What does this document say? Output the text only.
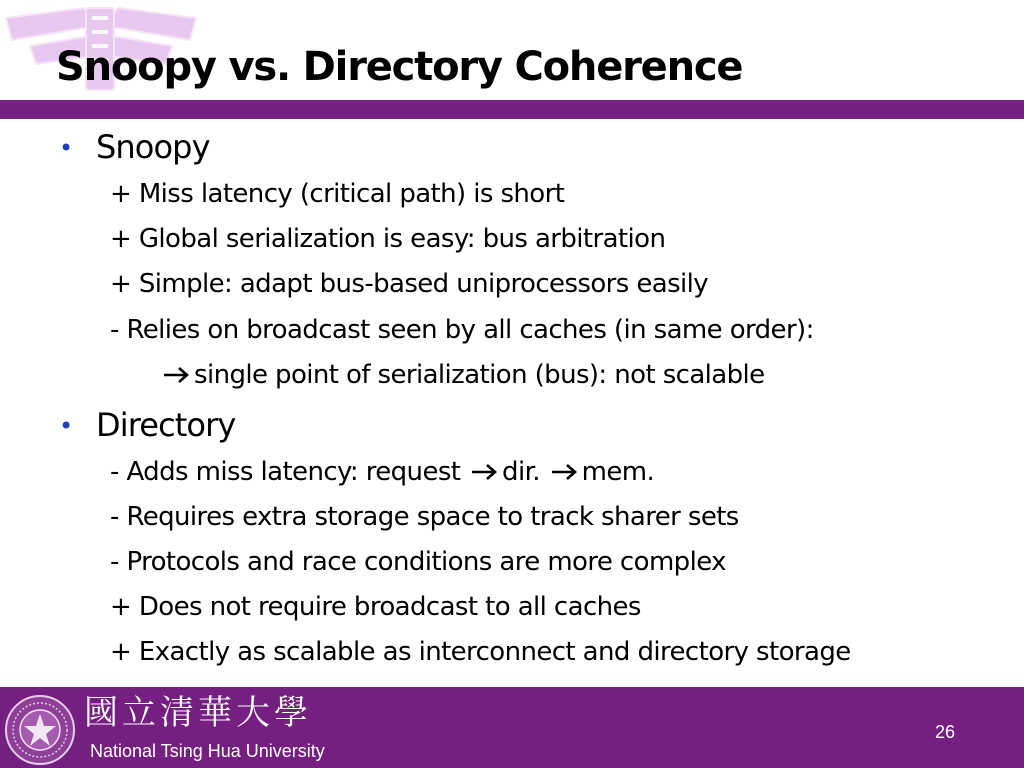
Snoopy vs. Directory Coherence
• Snoopy
+ Miss latency (critical path) is short
+ Global serialization is easy: bus arbitration
+ Simple: adapt bus-based uniprocessors easily
- Relies on broadcast seen by all caches (in same order):
single point of serialization (bus): not scalable
• Directory
- Adds miss latency: request dir. mem.
- Requires extra storage space to track sharer sets
- Protocols and race conditions are more complex
+ Does not require broadcast to all caches
+ Exactly as scalable as interconnect and directory storage
國立清華大學
National Tsing Hua University
26
